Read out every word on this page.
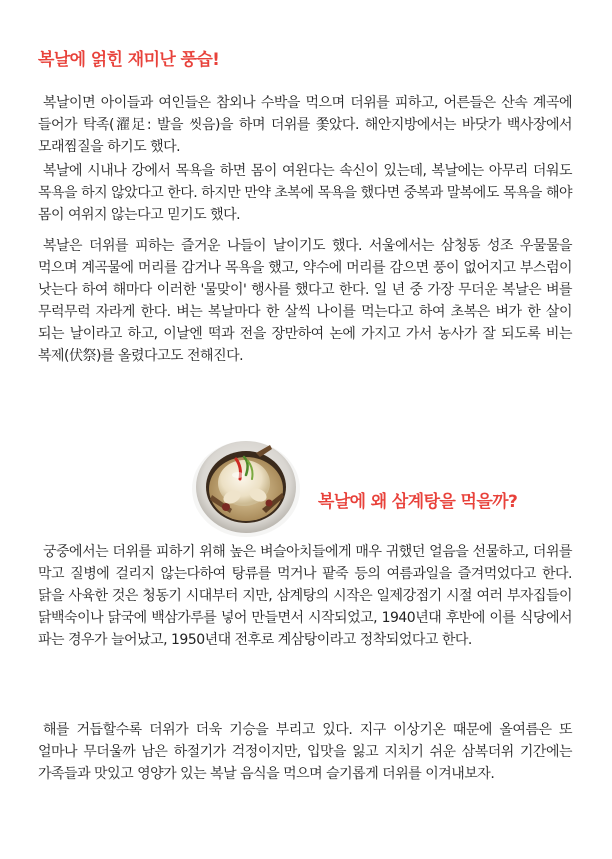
복날에 얽힌 재미난 풍습!

복날이면 아이들과 여인들은 참외나 수박을 먹으며 더위를 피하고, 어른들은 산속 계곡에 들어가 탁족(濯足: 발을 씻음)을 하며 더위를 쫓았다. 해안지방에서는 바닷가 백사장에서 모래찜질을 하기도 했다.

복날에 시내나 강에서 목욕을 하면 몸이 여윈다는 속신이 있는데, 복날에는 아무리 더워도 목욕을 하지 않았다고 한다. 하지만 만약 초복에 목욕을 했다면 중복과 말복에도 목욕을 해야 몸이 여위지 않는다고 믿기도 했다.

복날은 더위를 피하는 즐거운 나들이 날이기도 했다. 서울에서는 삼청동 성조 우물물을 먹으며 계곡물에 머리를 감거나 목욕을 했고, 약수에 머리를 감으면 풍이 없어지고 부스럼이 낫는다 하여 해마다 이러한 '물맞이' 행사를 했다고 한다. 일 년 중 가장 무더운 복날은 벼를 무럭무럭 자라게 한다. 벼는 복날마다 한 살씩 나이를 먹는다고 하여 초복은 벼가 한 살이 되는 날이라고 하고, 이날엔 떡과 전을 장만하여 논에 가지고 가서 농사가 잘 되도록 비는 복제(伏祭)를 올렸다고도 전해진다.

복날에 왜 삼계탕을 먹을까?

궁중에서는 더위를 피하기 위해 높은 벼슬아치들에게 매우 귀했던 얼음을 선물하고, 더위를 막고 질병에 걸리지 않는다하여 탕류를 먹거나 팥죽 등의 여름과일을 즐겨먹었다고 한다. 닭을 사육한 것은 청동기 시대부터 지만, 삼계탕의 시작은 일제강점기 시절 여러 부자집들이 닭백숙이나 닭국에 백삼가루를 넣어 만들면서 시작되었고, 1940년대 후반에 이를 식당에서 파는 경우가 늘어났고, 1950년대 전후로 계삼탕이라고 정착되었다고 한다.

해를 거듭할수록 더위가 더욱 기승을 부리고 있다. 지구 이상기온 때문에 올여름은 또 얼마나 무더울까 남은 하절기가 걱정이지만, 입맛을 잃고 지치기 쉬운 삼복더위 기간에는 가족들과 맛있고 영양가 있는 복날 음식을 먹으며 슬기롭게 더위를 이겨내보자.
